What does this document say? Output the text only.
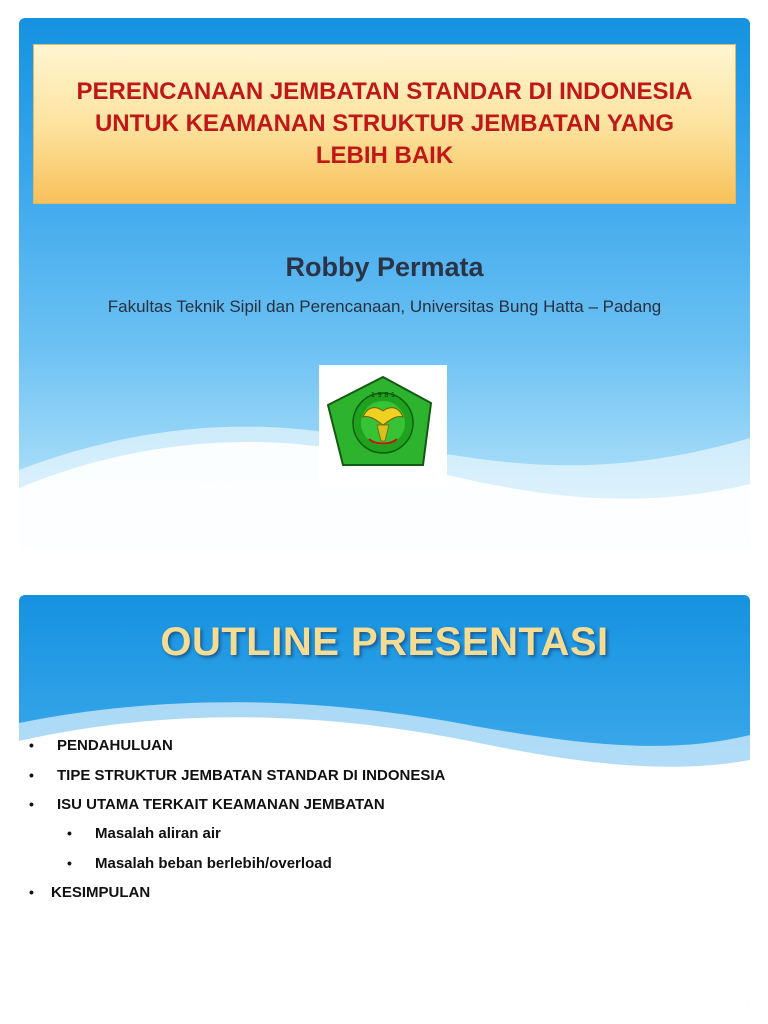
PERENCANAAN JEMBATAN STANDAR DI INDONESIA
UNTUK KEAMANAN STRUKTUR JEMBATAN YANG
LEBIH BAIK
Robby Permata
Fakultas Teknik Sipil dan Perencanaan, Universitas Bung Hatta – Padang
1 9 8 1
OUTLINE PRESENTASI
• PENDAHULUAN
• TIPE STRUKTUR JEMBATAN STANDAR DI INDONESIA
• ISU UTAMA TERKAIT KEAMANAN JEMBATAN
• Masalah aliran air
• Masalah beban berlebih/overload
• KESIMPULAN
